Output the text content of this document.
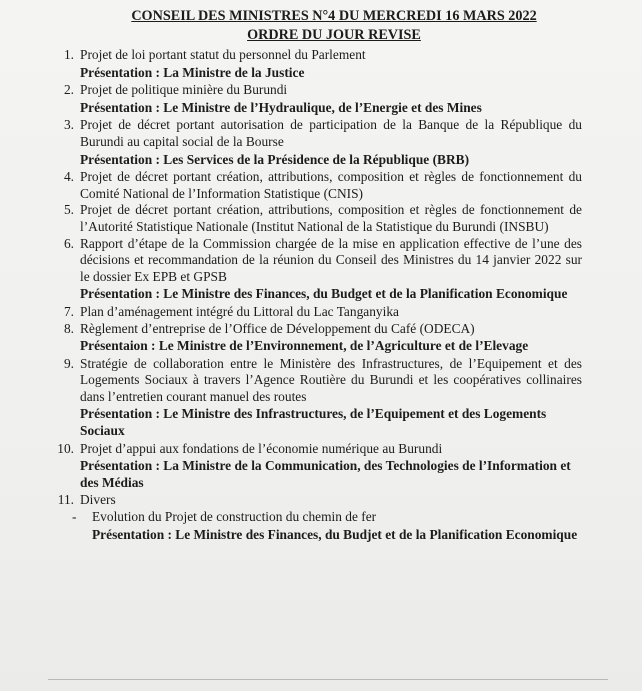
CONSEIL DES MINISTRES N°4 DU MERCREDI 16 MARS 2022
ORDRE DU JOUR REVISE
1. Projet de loi portant statut du personnel du Parlement
Présentation : La Ministre de la Justice
2. Projet de politique minière du Burundi
Présentation : Le Ministre de l’Hydraulique, de l’Energie et des Mines
3. Projet de décret portant autorisation de participation de la Banque de la République du Burundi au capital social de la Bourse
Présentation : Les Services de la Présidence de la République (BRB)
4. Projet de décret portant création, attributions, composition et règles de fonctionnement du Comité National de l’Information Statistique (CNIS)
5. Projet de décret portant création, attributions, composition et règles de fonctionnement de l’Autorité Statistique Nationale (Institut National de la Statistique du Burundi (INSBU)
6. Rapport d’étape de la Commission chargée de la mise en application effective de l’une des décisions et recommandation de la réunion du Conseil des Ministres du 14 janvier 2022 sur le dossier Ex EPB et GPSB
Présentation : Le Ministre des Finances, du Budget et de la Planification Economique
7. Plan d’aménagement intégré du Littoral du Lac Tanganyika
8. Règlement d’entreprise de l’Office de Développement du Café (ODECA)
Présentaion : Le Ministre de l’Environnement, de l’Agriculture et de l’Elevage
9. Stratégie de collaboration entre le Ministère des Infrastructures, de l’Equipement et des Logements Sociaux à travers l’Agence Routière du Burundi et les coopératives collinaires dans l’entretien courant manuel des routes
Présentation : Le Ministre des Infrastructures, de l’Equipement et des Logements Sociaux
10. Projet d’appui aux fondations de l’économie numérique au Burundi
Présentation : La Ministre de la Communication, des Technologies de l’Information et des Médias
11. Divers
- Evolution du Projet de construction du chemin de fer
Présentation : Le Ministre des Finances, du Budjet et de la Planification Economique
